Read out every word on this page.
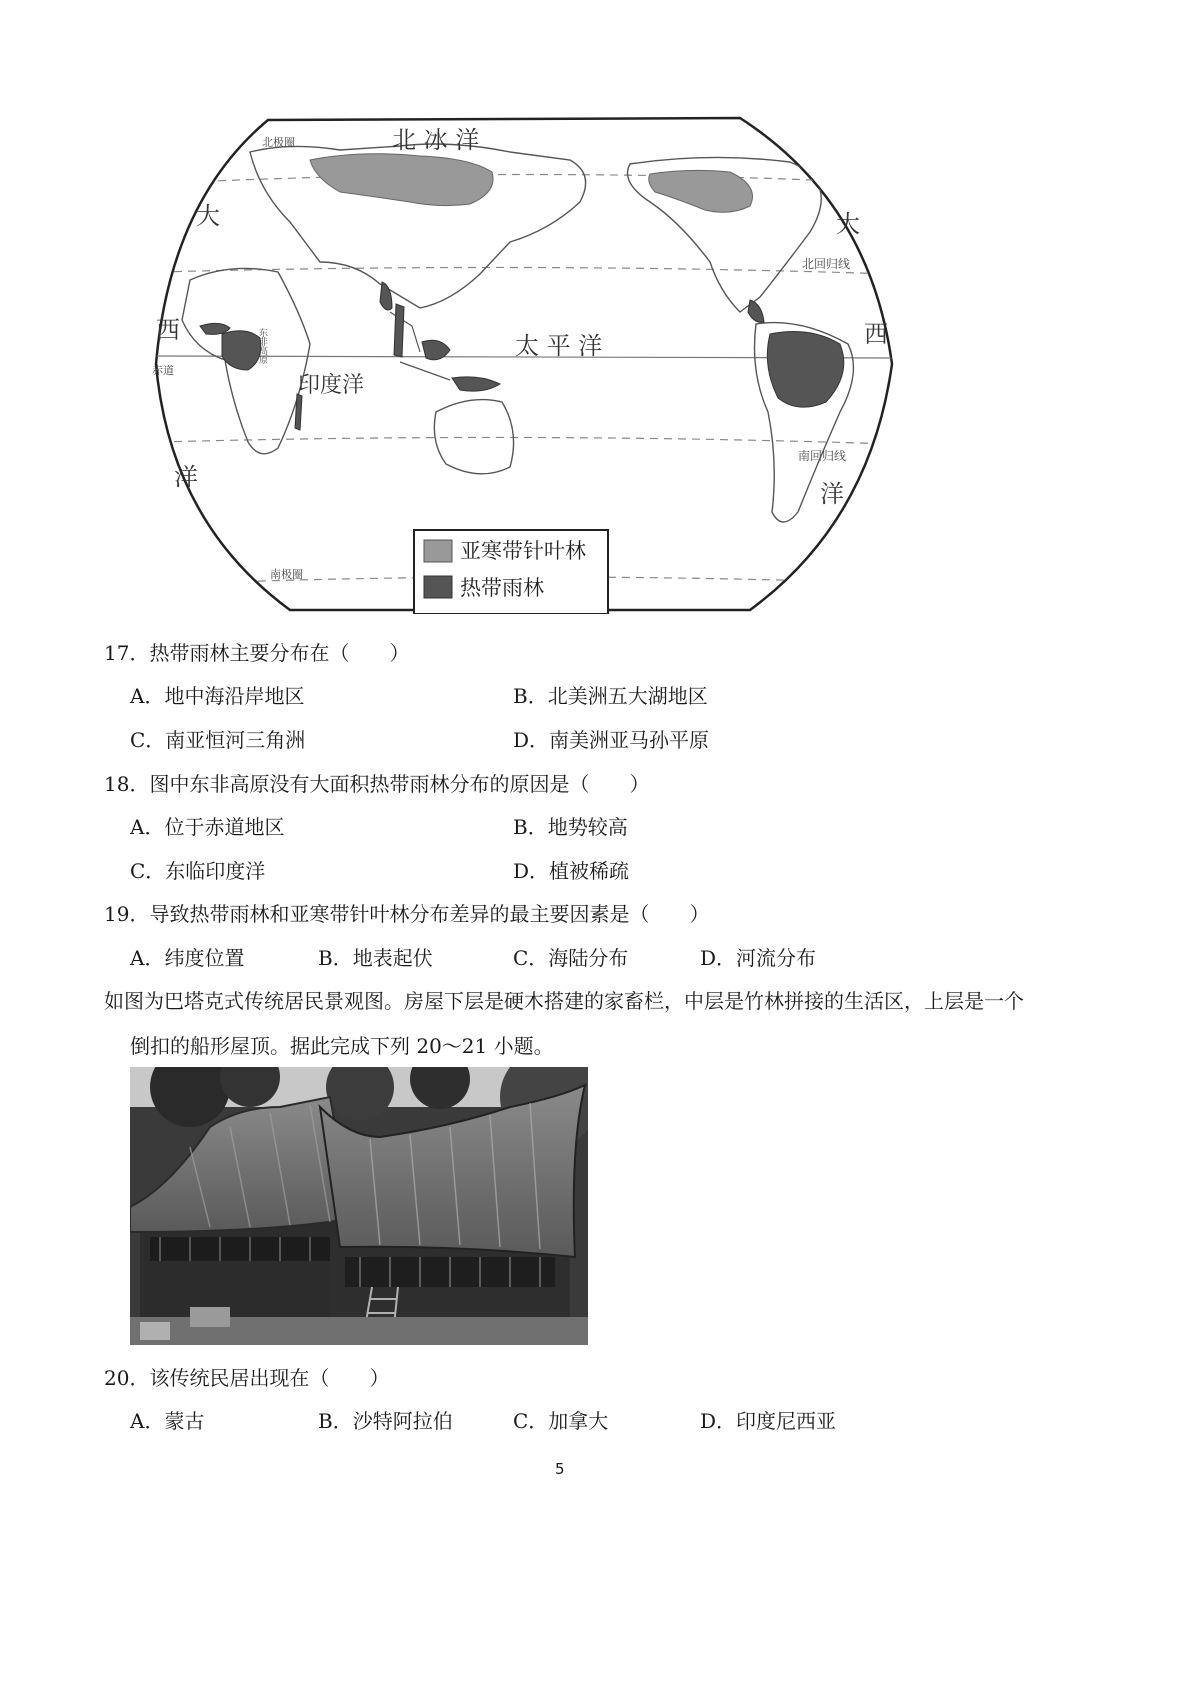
北 冰 洋
印度洋
太 平 洋
大
西
洋
大
西
洋
赤道
北回归线
南回归线
北极圈
南极圈
东非高原
亚寒带针叶林
热带雨林
17．热带雨林主要分布在（　　）
A．地中海沿岸地区	B．北美洲五大湖地区
C．南亚恒河三角洲	D．南美洲亚马孙平原
18．图中东非高原没有大面积热带雨林分布的原因是（　　）
A．位于赤道地区	B．地势较高
C．东临印度洋	D．植被稀疏
19．导致热带雨林和亚寒带针叶林分布差异的最主要因素是（　　）
A．纬度位置	B．地表起伏	C．海陆分布	D．河流分布
如图为巴塔克式传统居民景观图。房屋下层是硬木搭建的家畜栏，中层是竹林拼接的生活区，上层是一个
倒扣的船形屋顶。据此完成下列 20～21 小题。
20．该传统民居出现在（　　）
A．蒙古	B．沙特阿拉伯	C．加拿大	D．印度尼西亚
5
